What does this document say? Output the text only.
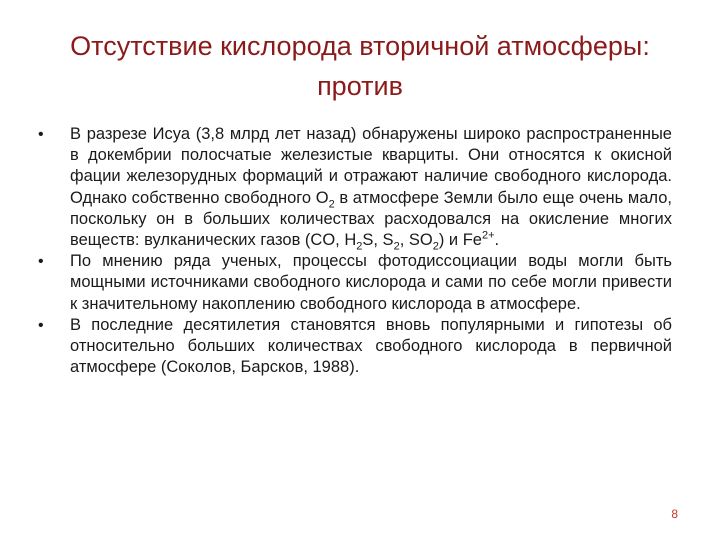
Отсутствие кислорода вторичной атмосферы:
против
•	В разрезе Исуа (3,8 млрд лет назад) обнаружены широко распространенные в докембрии полосчатые железистые кварциты. Они относятся к окисной фации железорудных формаций и отражают наличие свободного кислорода. Однако собственно свободного $O_2$ в атмосфере Земли было еще очень мало, поскольку он в больших количествах расходовался на окисление многих веществ: вулканических газов (CO, $H_2S$, $S_2$, $SO_2$) и $Fe^{2+}$.
•	По мнению ряда ученых, процессы фотодиссоциации воды могли быть мощными источниками свободного кислорода и сами по себе могли привести к значительному накоплению свободного кислорода в атмосфере.
•	В последние десятилетия становятся вновь популярными и гипотезы об относительно больших количествах свободного кислорода в первичной атмосфере (Соколов, Барсков, 1988).
8
